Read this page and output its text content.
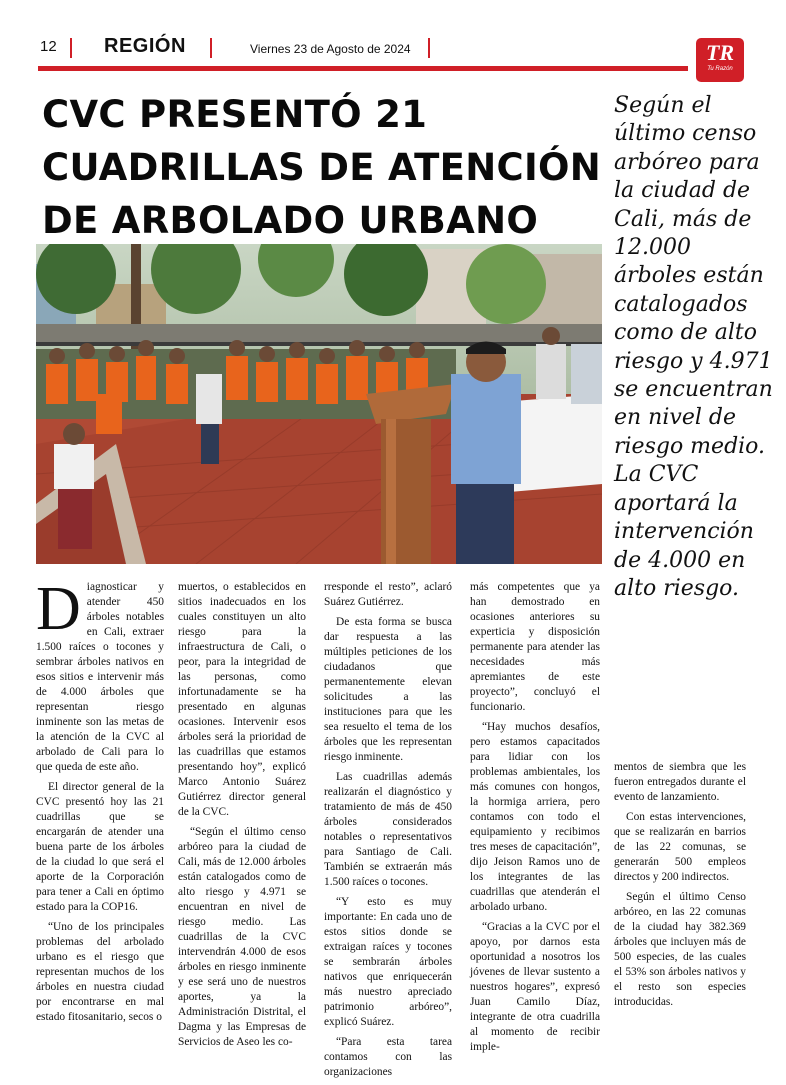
12 REGIÓN	Viernes 23 de Agosto de 2024	TR
Tu Razón
CVC PRESENTÓ 21 CUADRILLAS DE ATENCIÓN DE ARBOLADO URBANO

Según el último censo arbóreo para la ciudad de Cali, más de 12.000 árboles están catalogados como de alto riesgo y 4.971 se encuentran en nivel de riesgo medio. La CVC aportará la intervención de 4.000 en alto riesgo.

Diagnosticar y atender 450 árboles notables en Cali, extraer 1.500 raíces o tocones y sembrar árboles nativos en esos sitios e intervenir más de 4.000 árboles que representan riesgo inminente son las metas de la atención de la CVC al arbolado de Cali para lo que queda de este año.

El director general de la CVC presentó hoy las 21 cuadrillas que se encargarán de atender una buena parte de los árboles de la ciudad lo que será el aporte de la Corporación para tener a Cali en óptimo estado para la COP16.

“Uno de los principales problemas del arbolado urbano es el riesgo que representan muchos de los árboles en nuestra ciudad por encontrarse en mal estado fitosanitario, secos o

muertos, o establecidos en sitios inadecuados en los cuales constituyen un alto riesgo para la infraestructura de Cali, o peor, para la integridad de las personas, como infortunadamente se ha presentado en algunas ocasiones. Intervenir esos árboles será la prioridad de las cuadrillas que estamos presentando hoy”, explicó Marco Antonio Suárez Gutiérrez director general de la CVC.

“Según el último censo arbóreo para la ciudad de Cali, más de 12.000 árboles están catalogados como de alto riesgo y 4.971 se encuentran en nivel de riesgo medio. Las cuadrillas de la CVC intervendrán 4.000 de esos árboles en riesgo inminente y ese será uno de nuestros aportes, ya la Administración Distrital, el Dagma y las Empresas de Servicios de Aseo les co-

rresponde el resto”, aclaró Suárez Gutiérrez.

De esta forma se busca dar respuesta a las múltiples peticiones de los ciudadanos que permanentemente elevan solicitudes a las instituciones para que les sea resuelto el tema de los árboles que les representan riesgo inminente.

Las cuadrillas además realizarán el diagnóstico y tratamiento de más de 450 árboles considerados notables o representativos para Santiago de Cali. También se extraerán más 1.500 raíces o tocones.

“Y esto es muy importante: En cada uno de estos sitios donde se extraigan raíces y tocones se sembrarán árboles nativos que enriquecerán más nuestro apreciado patrimonio arbóreo”, explicó Suárez.

“Para esta tarea contamos con las organizaciones

más competentes que ya han demostrado en ocasiones anteriores su experticia y disposición permanente para atender las necesidades más apremiantes de este proyecto”, concluyó el funcionario.

“Hay muchos desafíos, pero estamos capacitados para lidiar con los problemas ambientales, los más comunes con hongos, la hormiga arriera, pero contamos con todo el equipamiento y recibimos tres meses de capacitación”, dijo Jeison Ramos uno de los integrantes de las cuadrillas que atenderán el arbolado urbano.

“Gracias a la CVC por el apoyo, por darnos esta oportunidad a nosotros los jóvenes de llevar sustento a nuestros hogares”, expresó Juan Camilo Díaz, integrante de otra cuadrilla al momento de recibir imple-

mentos de siembra que les fueron entregados durante el evento de lanzamiento.

Con estas intervenciones, que se realizarán en barrios de las 22 comunas, se generarán 500 empleos directos y 200 indirectos.

Según el último Censo arbóreo, en las 22 comunas de la ciudad hay 382.369 árboles que incluyen más de 500 especies, de las cuales el 53% son árboles nativos y el resto son especies introducidas.
